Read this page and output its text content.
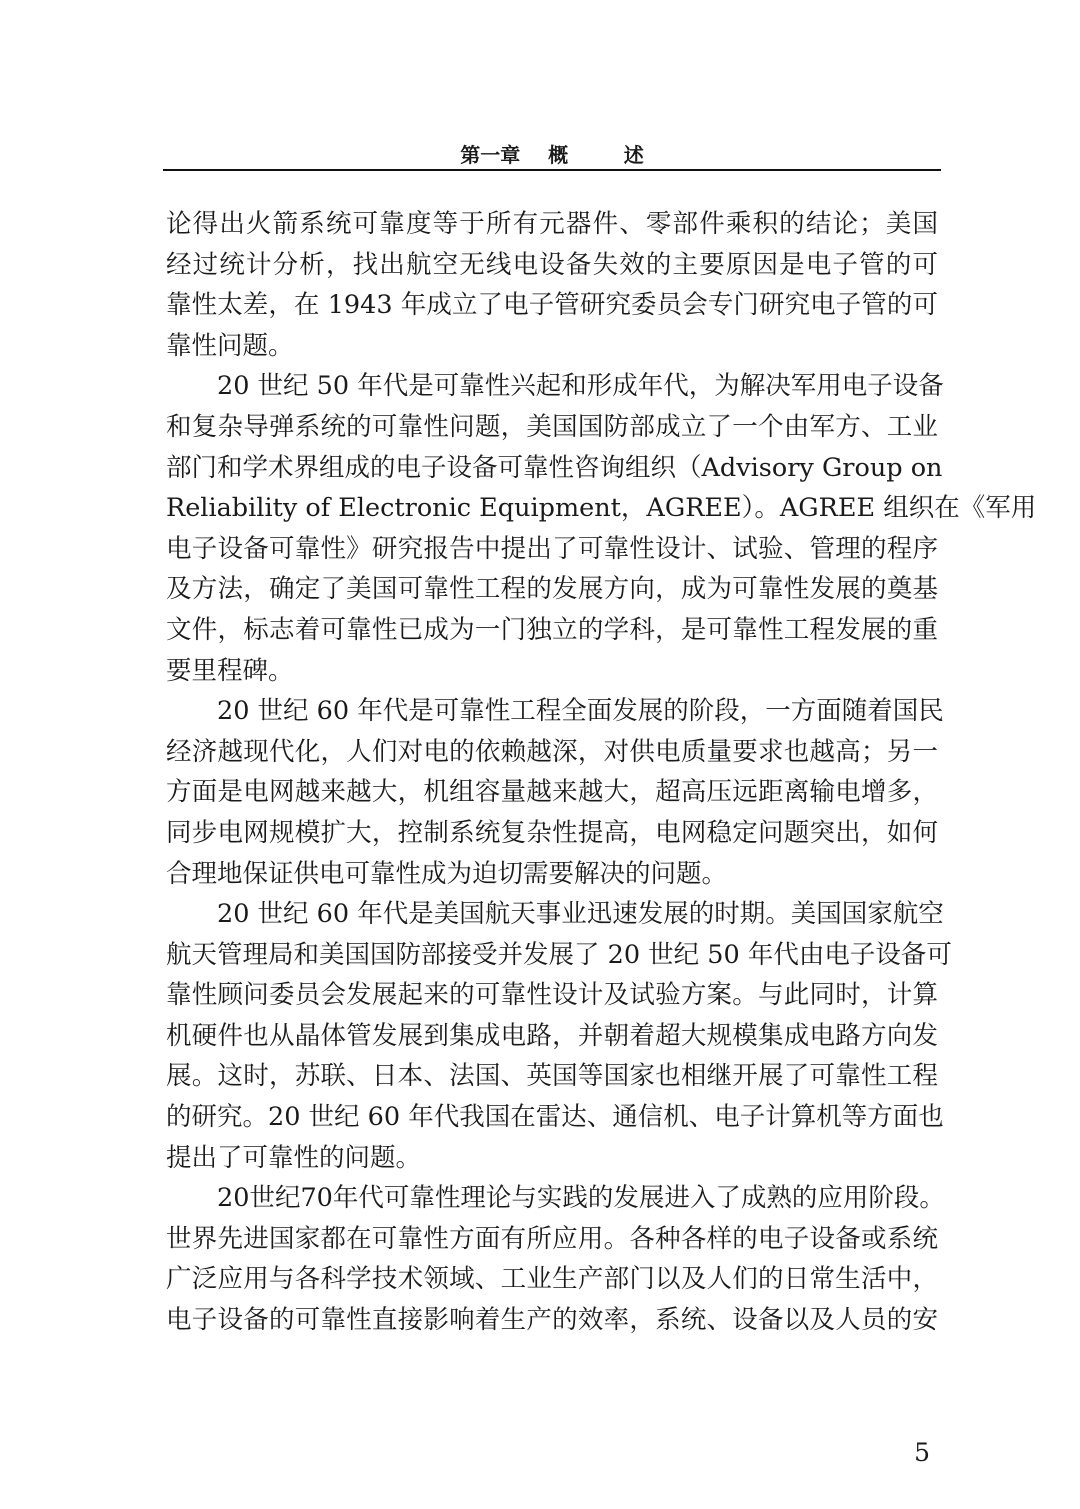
第一章    概        述
论得出火箭系统可靠度等于所有元器件、零部件乘积的结论；美国
经过统计分析，找出航空无线电设备失效的主要原因是电子管的可
靠性太差，在 1943 年成立了电子管研究委员会专门研究电子管的可
靠性问题。
20 世纪 50 年代是可靠性兴起和形成年代，为解决军用电子设备
和复杂导弹系统的可靠性问题，美国国防部成立了一个由军方、工业
部门和学术界组成的电子设备可靠性咨询组织（Advisory Group on
Reliability of Electronic Equipment，AGREE）。AGREE 组织在《军用
电子设备可靠性》研究报告中提出了可靠性设计、试验、管理的程序
及方法，确定了美国可靠性工程的发展方向，成为可靠性发展的奠基
文件，标志着可靠性已成为一门独立的学科，是可靠性工程发展的重
要里程碑。
20 世纪 60 年代是可靠性工程全面发展的阶段，一方面随着国民
经济越现代化，人们对电的依赖越深，对供电质量要求也越高；另一
方面是电网越来越大，机组容量越来越大，超高压远距离输电增多，
同步电网规模扩大，控制系统复杂性提高，电网稳定问题突出，如何
合理地保证供电可靠性成为迫切需要解决的问题。
20 世纪 60 年代是美国航天事业迅速发展的时期。美国国家航空
航天管理局和美国国防部接受并发展了 20 世纪 50 年代由电子设备可
靠性顾问委员会发展起来的可靠性设计及试验方案。与此同时，计算
机硬件也从晶体管发展到集成电路，并朝着超大规模集成电路方向发
展。这时，苏联、日本、法国、英国等国家也相继开展了可靠性工程
的研究。20 世纪 60 年代我国在雷达、通信机、电子计算机等方面也
提出了可靠性的问题。
20世纪70年代可靠性理论与实践的发展进入了成熟的应用阶段。
世界先进国家都在可靠性方面有所应用。各种各样的电子设备或系统
广泛应用与各科学技术领域、工业生产部门以及人们的日常生活中，
电子设备的可靠性直接影响着生产的效率，系统、设备以及人员的安
5
